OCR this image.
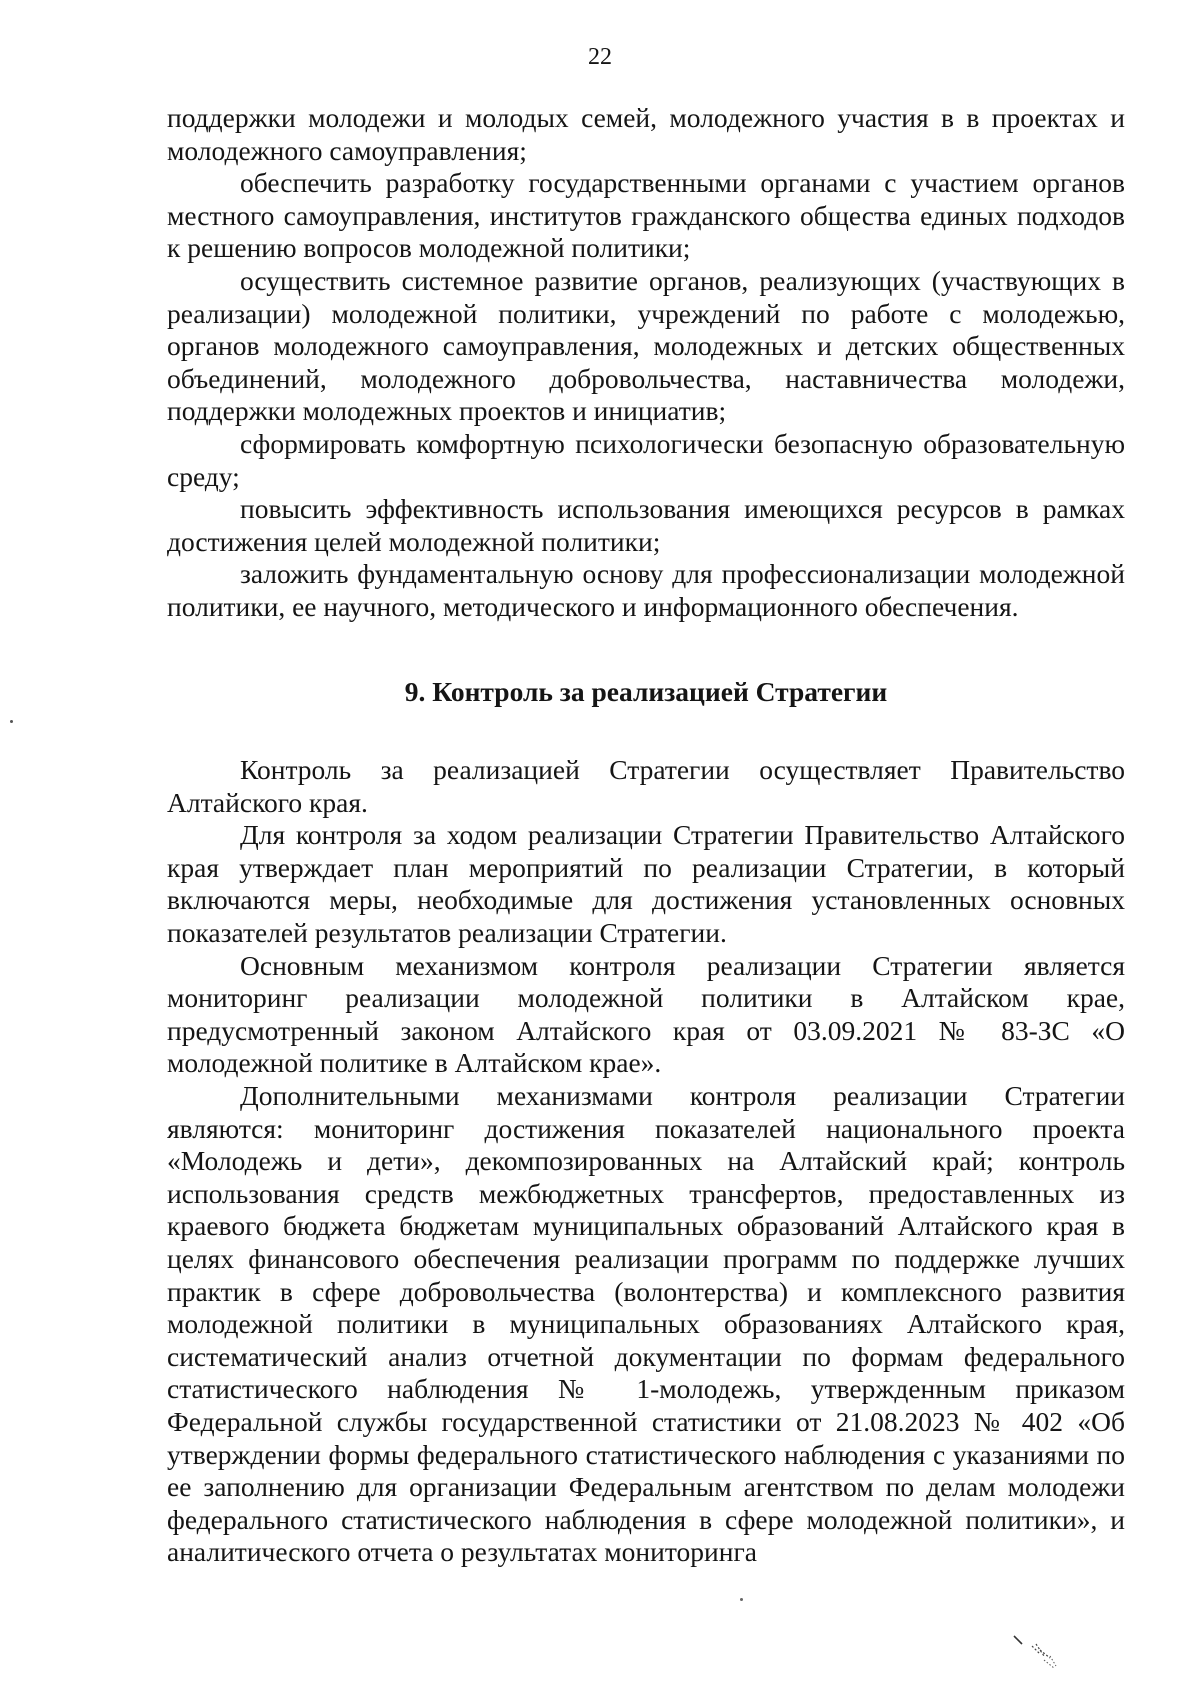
22

поддержки молодежи и молодых семей, молодежного участия в в проектах и молодежного самоуправления;

обеспечить разработку государственными органами с участием органов местного самоуправления, институтов гражданского общества единых подходов к решению вопросов молодежной политики;

осуществить системное развитие органов, реализующих (участвующих в реализации) молодежной политики, учреждений по работе с молодежью, органов молодежного самоуправления, молодежных и детских общественных объединений, молодежного добровольчества, наставничества молодежи, поддержки молодежных проектов и инициатив;

сформировать комфортную психологически безопасную образовательную среду;

повысить эффективность использования имеющихся ресурсов в рамках достижения целей молодежной политики;

заложить фундаментальную основу для профессионализации молодежной политики, ее научного, методического и информационного обеспечения.

9. Контроль за реализацией Стратегии

Контроль за реализацией Стратегии осуществляет Правительство Алтайского края.

Для контроля за ходом реализации Стратегии Правительство Алтайского края утверждает план мероприятий по реализации Стратегии, в который включаются меры, необходимые для достижения установленных основных показателей результатов реализации Стратегии.

Основным механизмом контроля реализации Стратегии является мониторинг реализации молодежной политики в Алтайском крае, предусмотренный законом Алтайского края от 03.09.2021 № 83-ЗС «О молодежной политике в Алтайском крае».

Дополнительными механизмами контроля реализации Стратегии являются: мониторинг достижения показателей национального проекта «Молодежь и дети», декомпозированных на Алтайский край; контроль использования средств межбюджетных трансфертов, предоставленных из краевого бюджета бюджетам муниципальных образований Алтайского края в целях финансового обеспечения реализации программ по поддержке лучших практик в сфере добровольчества (волонтерства) и комплексного развития молодежной политики в муниципальных образованиях Алтайского края, систематический анализ отчетной документации по формам федерального статистического наблюдения № 1-молодежь, утвержденным приказом Федеральной службы государственной статистики от 21.08.2023 № 402 «Об утверждении формы федерального статистического наблюдения с указаниями по ее заполнению для организации Федеральным агентством по делам молодежи федерального статистического наблюдения в сфере молодежной политики», и аналитического отчета о результатах мониторинга
